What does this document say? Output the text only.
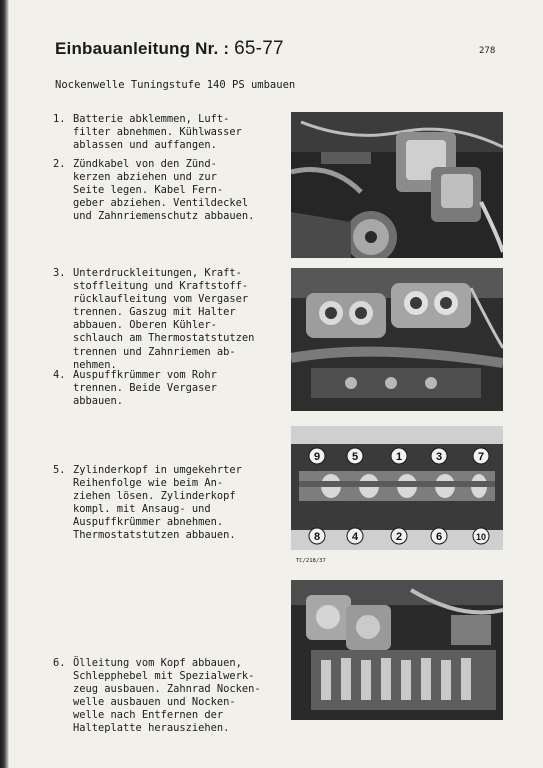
Einbauanleitung Nr. : 65-77	278
Nockenwelle Tuningstufe 140 PS umbauen
1. Batterie abklemmen, Luft-
filter abnehmen. Kühlwasser
ablassen und auffangen.
2. Zündkabel von den Zünd-
kerzen abziehen und zur
Seite legen. Kabel Fern-
geber abziehen. Ventildeckel
und Zahnriemenschutz abbauen.
3. Unterdruckleitungen, Kraft-
stoffleitung und Kraftstoff-
rücklaufleitung vom Vergaser
trennen. Gaszug mit Halter
abbauen. Oberen Kühler-
schlauch am Thermostatstutzen
trennen und Zahnriemen ab-
nehmen.
4. Auspuffkrümmer vom Rohr
trennen. Beide Vergaser
abbauen.
5. Zylinderkopf in umgekehrter
Reihenfolge wie beim An-
ziehen lösen. Zylinderkopf
kompl. mit Ansaug- und
Auspuffkrümmer abnehmen.
Thermostatstutzen abbauen.
6. Ölleitung vom Kopf abbauen,
Schlepphebel mit Spezialwerk-
zeug ausbauen. Zahnrad Nocken-
welle ausbauen und Nocken-
welle nach Entfernen der
Halteplatte herausziehen.
9	5	1	3	7
8	4	2	6	10
TC/218/37
